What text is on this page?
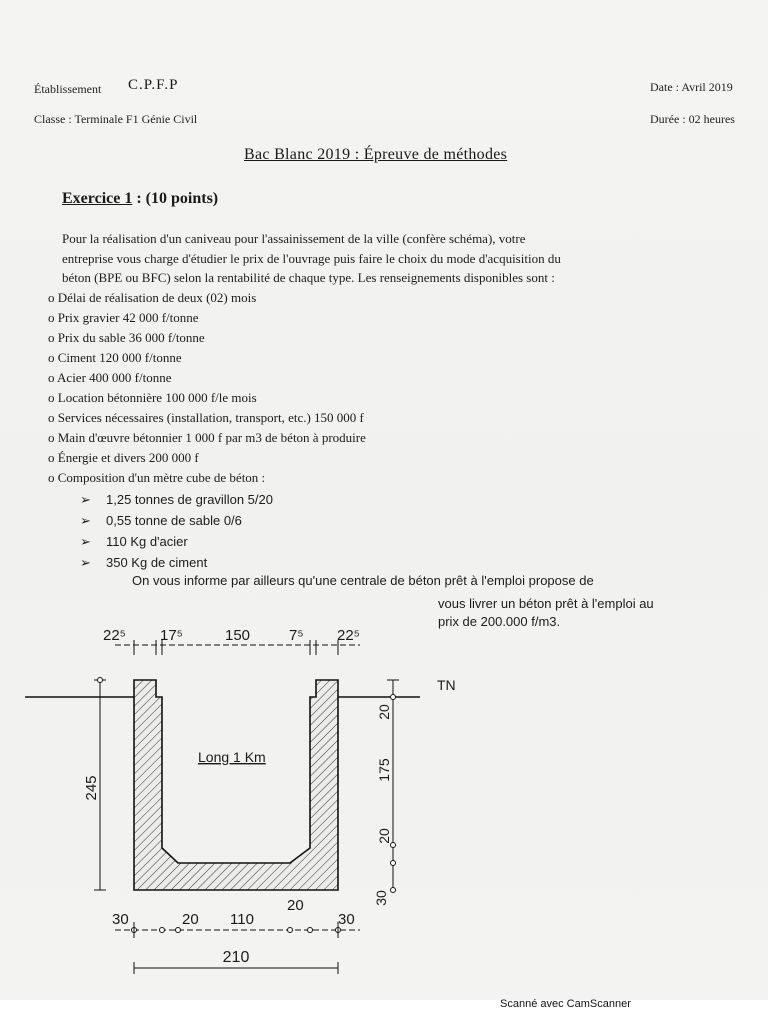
Établissement C.P.F.P
Classe : Terminale F1 Génie Civil
Date : Avril 2019
Durée : 02 heures
Bac Blanc 2019 : Épreuve de méthodes
Exercice 1 : (10 points)
Pour la réalisation d'un caniveau pour l'assainissement de la ville (confère schéma), votre
entreprise vous charge d'étudier le prix de l'ouvrage puis faire le choix du mode d'acquisition du
béton (BPE ou BFC) selon la rentabilité de chaque type. Les renseignements disponibles sont :
o Délai de réalisation de deux (02) mois
o Prix gravier 42 000 f/tonne
o Prix du sable 36 000 f/tonne
o Ciment 120 000 f/tonne
o Acier 400 000 f/tonne
o Location bétonnière 100 000 f/le mois
o Services nécessaires (installation, transport, etc.) 150 000 f
o Main d'œuvre bétonnier 1 000 f par m3 de béton à produire
o Énergie et divers 200 000 f
o Composition d'un mètre cube de béton :
➢ 1,25 tonnes de gravillon 5/20
➢ 0,55 tonne de sable 0/6
➢ 110 Kg d'acier
➢ 350 Kg de ciment
On vous informe par ailleurs qu'une centrale de béton prêt à l'emploi propose de
vous livrer un béton prêt à l'emploi au
prix de 200.000 f/m3.
245
20
175
20
30
TN
Long 1 Km
22⁵ 17⁵	150	7⁵ 22⁵
30	20 110
20
30
210
Scanné avec CamScanner
